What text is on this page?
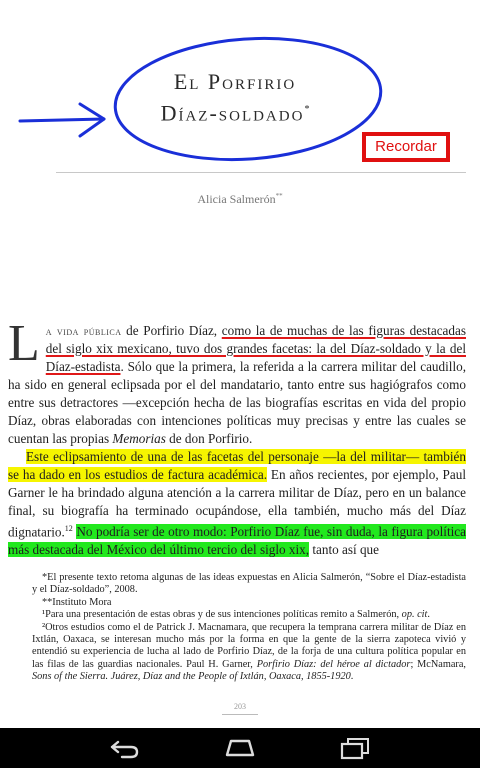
El Porfirio
Díaz-soldado*
Recordar
Alicia Salmerón**

La vida pública de Porfirio Díaz, como la de muchas de las figuras destacadas del siglo xix mexicano, tuvo dos grandes facetas: la del Díaz-soldado y la del Díaz-estadista. Sólo que la primera, la referida a la carrera militar del caudillo, ha sido en general eclipsada por el del mandatario, tanto entre sus hagiógrafos como entre sus detractores —excepción hecha de las biografías escritas en vida del propio Díaz, obras elaboradas con intenciones políticas muy precisas y entre las cuales se cuentan las propias Memorias de don Porfirio.

Este eclipsamiento de una de las facetas del personaje —la del militar— también se ha dado en los estudios de factura académica. En años recientes, por ejemplo, Paul Garner le ha brindado alguna atención a la carrera militar de Díaz, pero en un balance final, su biografía ha terminado ocupándose, ella también, mucho más del Díaz dignatario.$^{12}$ No podría ser de otro modo: Porfirio Díaz fue, sin duda, la figura política más destacada del México del último tercio del siglo xix, tanto así que

*El presente texto retoma algunas de las ideas expuestas en Alicia Salmerón, “Sobre el Díaz-estadista y el Díaz-soldado”, 2008.

**Instituto Mora

¹Para una presentación de estas obras y de sus intenciones políticas remito a Salmerón, op. cit.

²Otros estudios como el de Patrick J. Macnamara, que recupera la temprana carrera militar de Díaz en Ixtlán, Oaxaca, se interesan mucho más por la forma en que la gente de la sierra zapoteca vivió y entendió su experiencia de lucha al lado de Porfirio Díaz, de la forja de una cultura política popular en las filas de las guardias nacionales. Paul H. Garner, Porfirio Díaz: del héroe al dictador; McNamara, Sons of the Sierra. Juárez, Díaz and the People of Ixtlán, Oaxaca, 1855-1920.

203
